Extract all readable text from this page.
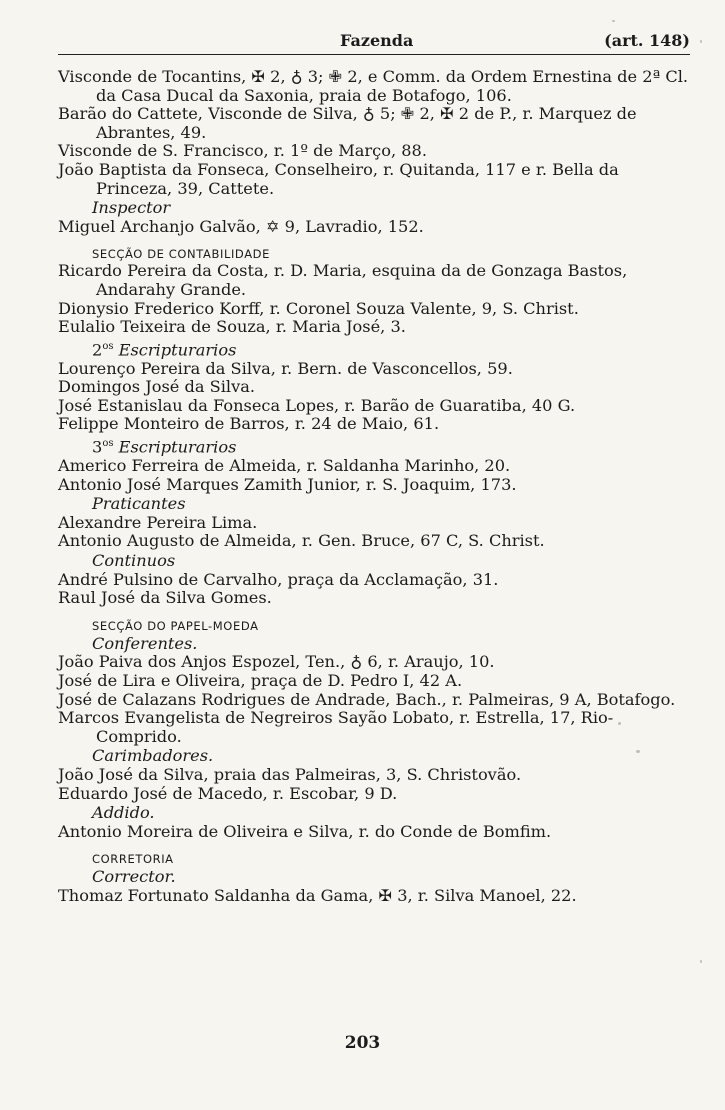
Fazenda	(art. 148)
Visconde de Tocantins, ✠ 2, ♁ 3; ✙ 2, e Comm. da Ordem Ernestina de 2ª Cl. da Casa Ducal da Saxonia, praia de Botafogo, 106.
Barão do Cattete, Visconde de Silva, ♁ 5; ✙ 2, ✠ 2 de P., r. Marquez de Abrantes, 49.
Visconde de S. Francisco, r. 1º de Março, 88.
João Baptista da Fonseca, Conselheiro, r. Quitanda, 117 e r. Bella da Princeza, 39, Cattete.
Inspector
Miguel Archanjo Galvão, ✡ 9, Lavradio, 152.
SECÇÃO DE CONTABILIDADE
Ricardo Pereira da Costa, r. D. Maria, esquina da de Gonzaga Bastos, Andarahy Grande.
Dionysio Frederico Korff, r. Coronel Souza Valente, 9, S. Christ.
Eulalio Teixeira de Souza, r. Maria José, 3.
$2^{os}$ Escripturarios
Lourenço Pereira da Silva, r. Bern. de Vasconcellos, 59.
Domingos José da Silva.
José Estanislau da Fonseca Lopes, r. Barão de Guaratiba, 40 G.
Felippe Monteiro de Barros, r. 24 de Maio, 61.
$3^{os}$ Escripturarios
Americo Ferreira de Almeida, r. Saldanha Marinho, 20.
Antonio José Marques Zamith Junior, r. S. Joaquim, 173.
Praticantes
Alexandre Pereira Lima.
Antonio Augusto de Almeida, r. Gen. Bruce, 67 C, S. Christ.
Continuos
André Pulsino de Carvalho, praça da Acclamação, 31.
Raul José da Silva Gomes.
SECÇÃO DO PAPEL-MOEDA
Conferentes.
João Paiva dos Anjos Espozel, Ten., ♁ 6, r. Araujo, 10.
José de Lira e Oliveira, praça de D. Pedro I, 42 A.
José de Calazans Rodrigues de Andrade, Bach., r. Palmeiras, 9 A, Botafogo.
Marcos Evangelista de Negreiros Sayão Lobato, r. Estrella, 17, Rio-Comprido.
Carimbadores.
João José da Silva, praia das Palmeiras, 3, S. Christovão.
Eduardo José de Macedo, r. Escobar, 9 D.
Addido.
Antonio Moreira de Oliveira e Silva, r. do Conde de Bomfim.
CORRETORIA
Corrector.
Thomaz Fortunato Saldanha da Gama, ✠ 3, r. Silva Manoel, 22.
203
